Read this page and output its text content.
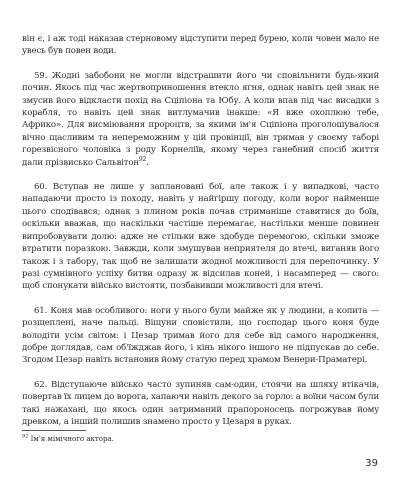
він є, і аж тоді наказав стерновому відступити перед бурею, коли човен мало не увесь був повен води.

59. Жодні забобони не могли відстрашити його чи сповільнити будь-який почин. Якось під час жертвоприношення втекло ягня, однак навіть цей знак не змусив його відкласти похід на Сціпіона та Юбу. А коли впав під час висадки з корабля, то навіть цей знак витлумачив інакше: «Я вже охоплюю тебе, Африко». Для висміювання пророцтв, за якими ім'я Сціпіона проголошувалося вічно щасливим та непереможним у цій провінції, він тримав у своєму таборі горезвісного чоловіка з роду Корнеліїв, якому через ганебний спосіб життя дали прізвисько Сальвітон$^{92}$.

60. Вступав не лише у заплановані бої, але також і у випадкові, часто нападаючи просто із походу, навіть у найгіршу погоду, коли ворог найменше цього сподівався; однак з плином років почав стриманіше ставитися до боїв, оскільки вважав, що наскільки частіше перемагає, настільки менше повинен випробовувати долю: адже не стільки вже здобуде перемогою, скільки зможе втратити поразкою. Завжди, коли змушував неприятеля до втечі, виганяв його також і з табору, так щоб не залишати жодної можливості для перепочинку. У разі сумнівного успіху битви одразу ж відсилав коней, і насамперед — свого: щоб спонукати військо вистояти, позбавивши можливості для втечі.

61. Коня мав особливого: ноги у нього були майже як у людини, а копита — розщеплені, наче пальці. Віщуни сповістили, що господар цього коня буде володіти усім світом: і Цезар тримав його для себе від самого народження, добре доглядав, сам об'їжджав його, і кінь нікого іншого не підпускав до себе. Згодом Цезар навіть встановив йому статую перед храмом Венери-Праматері.

62. Відступаюче військо часто зупиняв сам-один, стоячи на шляху втікачів, повертав їх лицем до ворога, хапаючи навіть декого за горло: а воїни часом були такі нажахані, що якось один затриманий прапороносець погрожував йому древком, а інший полишив знамено просто у Цезаря в руках.

$^{92}$ Ім'я мімічного актора.
39
